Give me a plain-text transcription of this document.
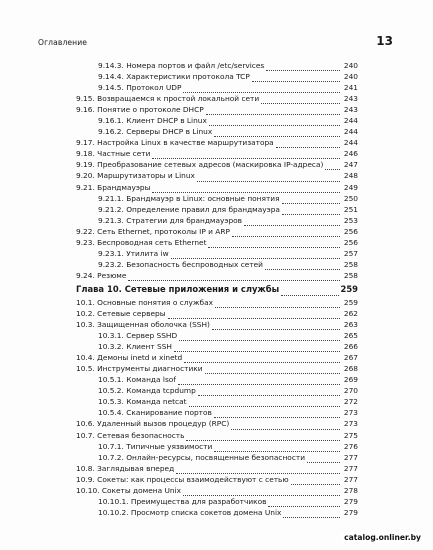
Оглавление	13
9.14.3. Номера портов и файл /etc/services	240
9.14.4. Характеристики протокола TCP	240
9.14.5. Протокол UDP	241
9.15. Возвращаемся к простой локальной сети	243
9.16. Понятие о протоколе DHCP	243
9.16.1. Клиент DHCP в Linux	244
9.16.2. Серверы DHCP в Linux	244
9.17. Настройка Linux в качестве маршрутизатора	244
9.18. Частные сети	246
9.19. Преобразование сетевых адресов (маскировка IP-адреса)	247
9.20. Маршрутизаторы и Linux	248
9.21. Брандмауэры	249
9.21.1. Брандмауэр в Linux: основные понятия	250
9.21.2. Определение правил для брандмауэра	251
9.21.3. Стратегии для брандмауэров	253
9.22. Сеть Ethernet, протоколы IP и ARP	256
9.23. Беспроводная сеть Ethernet	256
9.23.1. Утилита iw	257
9.23.2. Безопасность беспроводных сетей	258
9.24. Резюме	258
Глава 10. Сетевые приложения и службы	259
10.1. Основные понятия о службах	259
10.2. Сетевые серверы	262
10.3. Защищенная оболочка (SSH)	263
10.3.1. Сервер SSHD	265
10.3.2. Клиент SSH	266
10.4. Демоны inetd и xinetd	267
10.5. Инструменты диагностики	268
10.5.1. Команда lsof	269
10.5.2. Команда tcpdump	270
10.5.3. Команда netcat	272
10.5.4. Сканирование портов	273
10.6. Удаленный вызов процедур (RPC)	273
10.7. Сетевая безопасность	275
10.7.1. Типичные уязвимости	276
10.7.2. Онлайн-ресурсы, посвященные безопасности	277
10.8. Заглядывая вперед	277
10.9. Сокеты: как процессы взаимодействуют с сетью	277
10.10. Сокеты домена Unix	278
10.10.1. Преимущества для разработчиков	279
10.10.2. Просмотр списка сокетов домена Unix	279
catalog.onliner.by
